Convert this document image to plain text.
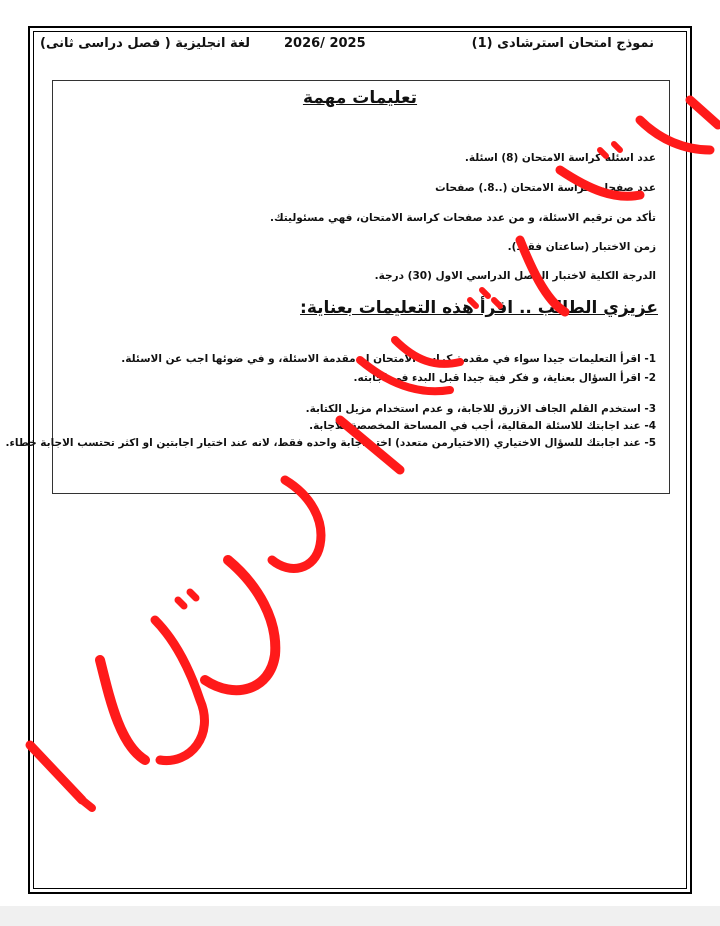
نموذج امتحان استرشادى (1)
2026/ 2025
لغة انجليزية ( فصل دراسى ثانى)
تعليمات مهمة
عدد اسئلة كراسة الامتحان (8) اسئلة.
عدد صفحات كراسة الامتحان (..8.) صفحات
تأكد من ترقيم الاسئلة، و من عدد صفحات كراسة الامتحان، فهي مسئوليتك.
زمن الاختبار (ساعتان فقط).
الدرجة الكلية لاختبار الفصل الدراسي الاول (30) درجة.
عزيزي الطالب .. اقرأ هذه التعليمات بعناية:
1- اقرأ التعليمات جيدا سواء في مقدمة كراسة الامتحان او مقدمة الاسئلة، و في ضوئها اجب عن الاسئلة.
2- اقرأ السؤال بعناية، و فكر فية جيدا قبل البدء في اجابته.
3- استخدم القلم الجاف الازرق للاجابة، و عدم استخدام مزيل الكتابة.
4- عند اجابتك للاسئلة المقالية، أجب في المساحة المخصصة للاجابة.
5- عند اجابتك للسؤال الاختياري (الاختيارمن متعدد) اختر اجابة واحده فقط، لانه عند اختيار اجابتين او اكثر تحتسب الاجابة خطاء.
